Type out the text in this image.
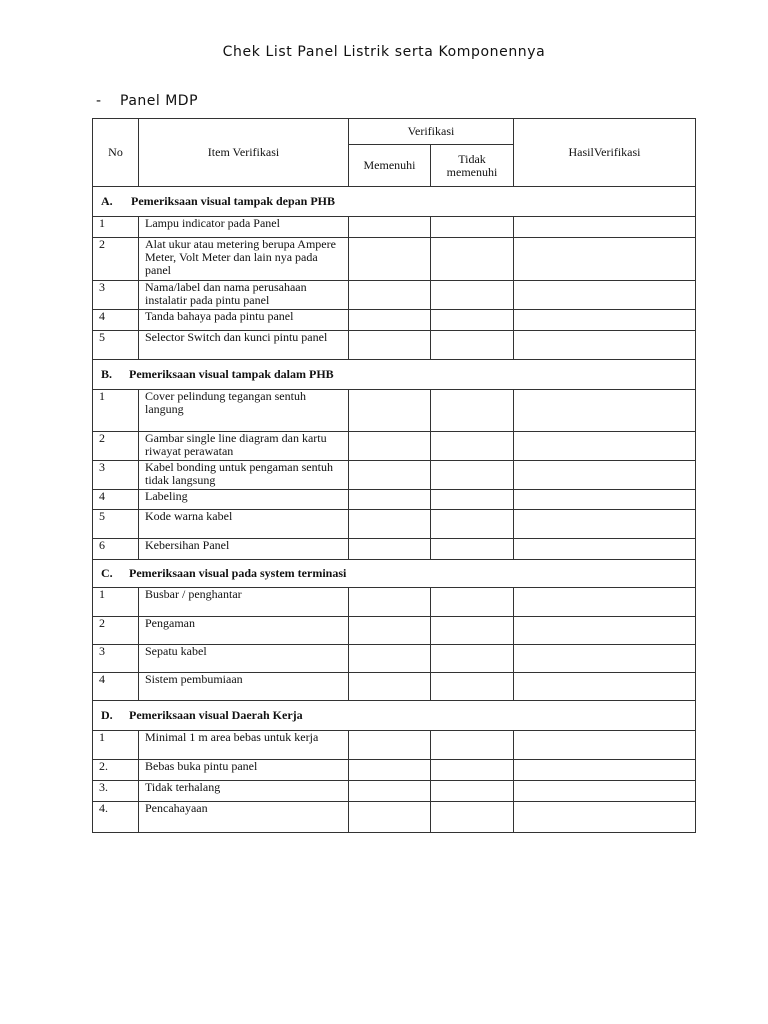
Chek List Panel Listrik serta Komponennya
- Panel MDP
No	Item Verifikasi	Verifikasi		HasilVerifikasi
		Memenuhi	Tidak
memenuhi	
A. Pemeriksaan visual tampak depan PHB				
1	Lampu indicator pada Panel			
2	Alat ukur atau metering berupa Ampere Meter, Volt Meter dan lain nya pada panel			
3	Nama/label dan nama perusahaan instalatir pada pintu panel			
4	Tanda bahaya pada pintu panel			
5	Selector Switch dan kunci pintu panel			
B. Pemeriksaan visual tampak dalam PHB				
1	Cover pelindung tegangan sentuh langung			
2	Gambar single line diagram dan kartu riwayat perawatan			
3	Kabel bonding untuk pengaman sentuh tidak langsung			
4	Labeling			
5	Kode warna kabel			
6	Kebersihan Panel			
C. Pemeriksaan visual pada system terminasi				
1	Busbar / penghantar			
2	Pengaman			
3	Sepatu kabel			
4	Sistem pembumiaan			
D. Pemeriksaan visual Daerah Kerja				
1	Minimal 1 m area bebas untuk kerja			
2.	Bebas buka pintu panel			
3.	Tidak terhalang			
4.	Pencahayaan			
